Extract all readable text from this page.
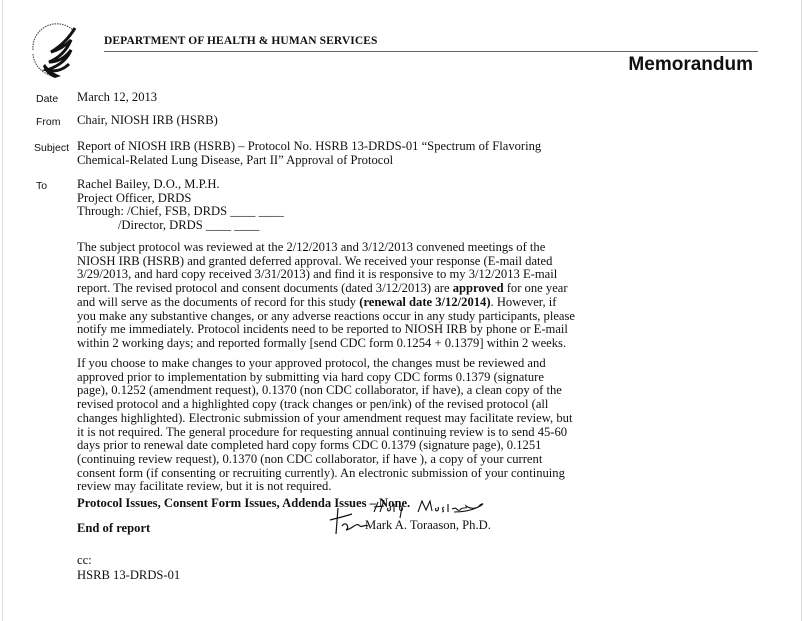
DEPARTMENT OF HEALTH & HUMAN SERVICES
Memorandum
Date March 12, 2013
From Chair, NIOSH IRB (HSRB)
Subject Report of NIOSH IRB (HSRB) – Protocol No. HSRB 13-DRDS-01 “Spectrum of Flavoring
Chemical-Related Lung Disease, Part II” Approval of Protocol
To Rachel Bailey, D.O., M.P.H.
Project Officer, DRDS
Through: /Chief, FSB, DRDS ____ ____
/Director, DRDS ____ ____
The subject protocol was reviewed at the 2/12/2013 and 3/12/2013 convened meetings of the
NIOSH IRB (HSRB) and granted deferred approval. We received your response (E-mail dated
3/29/2013, and hard copy received 3/31/2013) and find it is responsive to my 3/12/2013 E-mail
report. The revised protocol and consent documents (dated 3/12/2013) are approved for one year
and will serve as the documents of record for this study (renewal date 3/12/2014). However, if
you make any substantive changes, or any adverse reactions occur in any study participants, please
notify me immediately. Protocol incidents need to be reported to NIOSH IRB by phone or E-mail
within 2 working days; and reported formally [send CDC form 0.1254 + 0.1379] within 2 weeks.
If you choose to make changes to your approved protocol, the changes must be reviewed and
approved prior to implementation by submitting via hard copy CDC forms 0.1379 (signature
page), 0.1252 (amendment request), 0.1370 (non CDC collaborator, if have), a clean copy of the
revised protocol and a highlighted copy (track changes or pen/ink) of the revised protocol (all
changes highlighted). Electronic submission of your amendment request may facilitate review, but
it is not required. The general procedure for requesting annual continuing review is to send 45-60
days prior to renewal date completed hard copy forms CDC 0.1379 (signature page), 0.1251
(continuing review request), 0.1370 (non CDC collaborator, if have ), a copy of your current
consent form (if consenting or recruiting currently). An electronic submission of your continuing
review may facilitate review, but it is not required.
Protocol Issues, Consent Form Issues, Addenda Issues – None.
End of report	Mark A. Toraason, Ph.D.
cc:
HSRB 13-DRDS-01
